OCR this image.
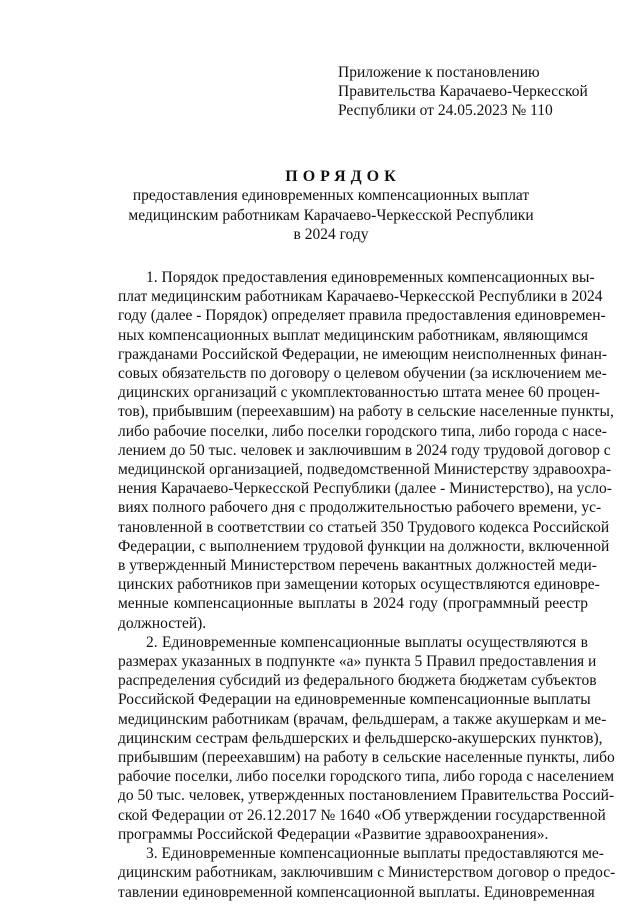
Приложение к постановлению
Правительства Карачаево-Черкесской
Республики от 24.05.2023 № 110
ПОРЯДОК
предоставления единовременных компенсационных выплат
медицинским работникам Карачаево-Черкесской Республики
в 2024 году
1. Порядок предоставления единовременных компенсационных вы-
плат медицинским работникам Карачаево-Черкесской Республики в 2024
году (далее - Порядок) определяет правила предоставления единовремен-
ных компенсационных выплат медицинским работникам, являющимся
гражданами Российской Федерации, не имеющим неисполненных финан-
совых обязательств по договору о целевом обучении (за исключением ме-
дицинских организаций с укомплектованностью штата менее 60 процен-
тов), прибывшим (переехавшим) на работу в сельские населенные пункты,
либо рабочие поселки, либо поселки городского типа, либо города с насе-
лением до 50 тыс. человек и заключившим в 2024 году трудовой договор с
медицинской организацией, подведомственной Министерству здравоохра-
нения Карачаево-Черкесской Республики (далее - Министерство), на усло-
виях полного рабочего дня с продолжительностью рабочего времени, ус-
тановленной в соответствии со статьей 350 Трудового кодекса Российской
Федерации, с выполнением трудовой функции на должности, включенной
в утвержденный Министерством перечень вакантных должностей меди-
цинских работников при замещении которых осуществляются единовре-
менные компенсационные выплаты в 2024 году (программный реестр
должностей).
2. Единовременные компенсационные выплаты осуществляются в
размерах указанных в подпункте «а» пункта 5 Правил предоставления и
распределения субсидий из федерального бюджета бюджетам субъектов
Российской Федерации на единовременные компенсационные выплаты
медицинским работникам (врачам, фельдшерам, а также акушеркам и ме-
дицинским сестрам фельдшерских и фельдшерско-акушерских пунктов),
прибывшим (переехавшим) на работу в сельские населенные пункты, либо
рабочие поселки, либо поселки городского типа, либо города с населением
до 50 тыс. человек, утвержденных постановлением Правительства Россий-
ской Федерации от 26.12.2017 № 1640 «Об утверждении государственной
программы Российской Федерации «Развитие здравоохранения».
3. Единовременные компенсационные выплаты предоставляются ме-
дицинским работникам, заключившим с Министерством договор о предос-
тавлении единовременной компенсационной выплаты. Единовременная
